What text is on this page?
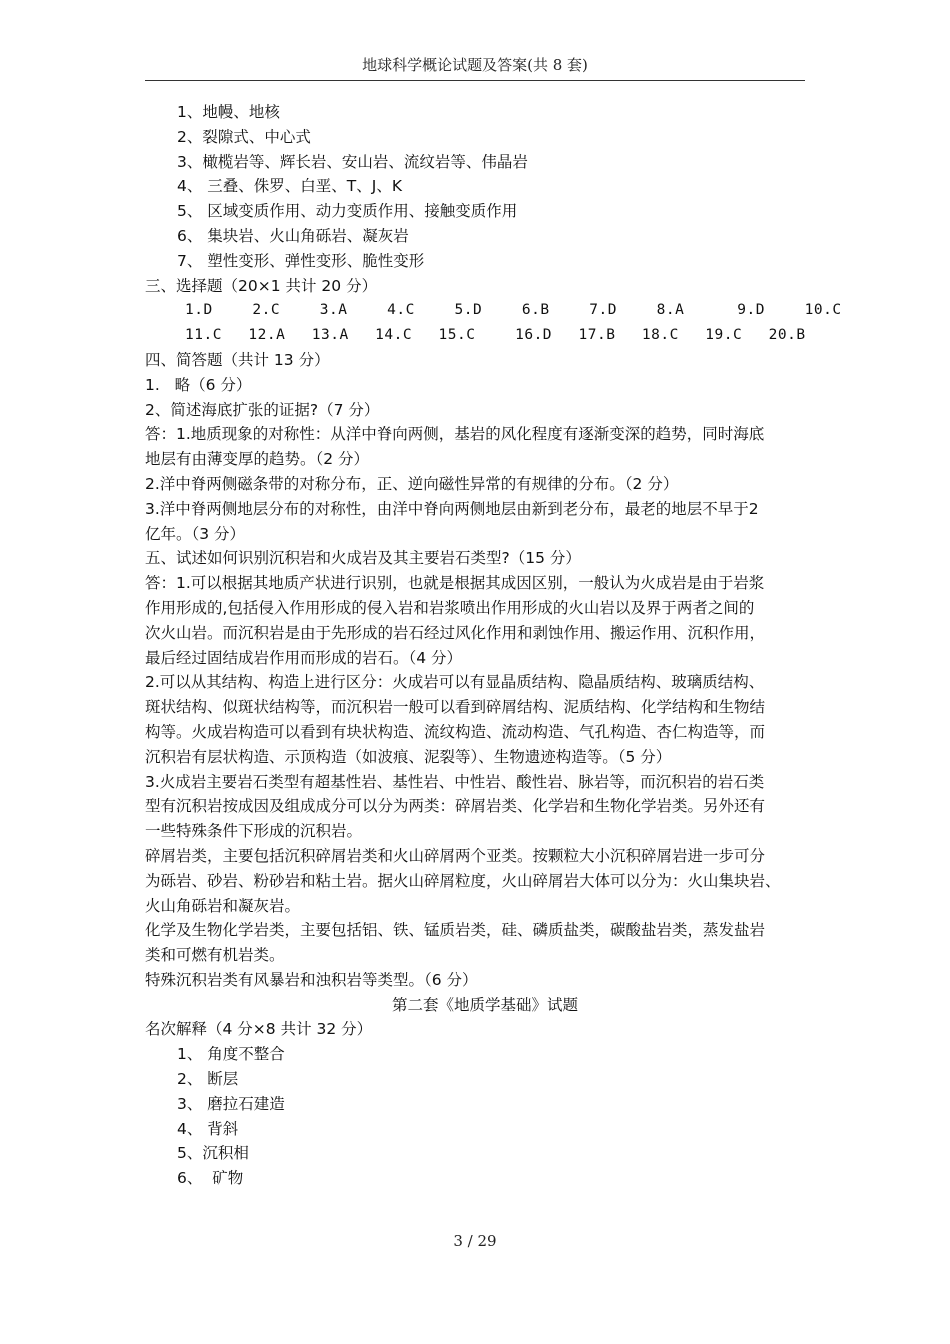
地球科学概论试题及答案(共 8 套)
1、地幔、地核
2、裂隙式、中心式
3、橄榄岩等、辉长岩、安山岩、流纹岩等、伟晶岩
4、 三叠、侏罗、白垩、T、J、K
5、 区域变质作用、动力变质作用、接触变质作用
6、 集块岩、火山角砾岩、凝灰岩
7、 塑性变形、弹性变形、脆性变形
三、选择题（20×1 共计 20 分）
1.D   2.C   3.A   4.C   5.D   6.B   7.D   8.A    9.D   10.C
11.C  12.A  13.A  14.C  15.C   16.D  17.B  18.C  19.C  20.B
四、简答题（共计 13 分）
1.   略（6 分）
2、简述海底扩张的证据?（7 分）
答：1.地质现象的对称性：从洋中脊向两侧，基岩的风化程度有逐渐变深的趋势，同时海底
地层有由薄变厚的趋势。（2 分）
2.洋中脊两侧磁条带的对称分布，正、逆向磁性异常的有规律的分布。（2 分）
3.洋中脊两侧地层分布的对称性，由洋中脊向两侧地层由新到老分布，最老的地层不早于2
亿年。（3 分）
五、试述如何识别沉积岩和火成岩及其主要岩石类型?（15 分）
答：1.可以根据其地质产状进行识别，也就是根据其成因区别，一般认为火成岩是由于岩浆
作用形成的,包括侵入作用形成的侵入岩和岩浆喷出作用形成的火山岩以及界于两者之间的
次火山岩。而沉积岩是由于先形成的岩石经过风化作用和剥蚀作用、搬运作用、沉积作用，
最后经过固结成岩作用而形成的岩石。（4 分）
2.可以从其结构、构造上进行区分：火成岩可以有显晶质结构、隐晶质结构、玻璃质结构、
斑状结构、似斑状结构等，而沉积岩一般可以看到碎屑结构、泥质结构、化学结构和生物结
构等。火成岩构造可以看到有块状构造、流纹构造、流动构造、气孔构造、杏仁构造等，而
沉积岩有层状构造、示顶构造（如波痕、泥裂等）、生物遗迹构造等。（5 分）
3.火成岩主要岩石类型有超基性岩、基性岩、中性岩、酸性岩、脉岩等，而沉积岩的岩石类
型有沉积岩按成因及组成成分可以分为两类：碎屑岩类、化学岩和生物化学岩类。另外还有
一些特殊条件下形成的沉积岩。
碎屑岩类，主要包括沉积碎屑岩类和火山碎屑两个亚类。按颗粒大小沉积碎屑岩进一步可分
为砾岩、砂岩、粉砂岩和粘土岩。据火山碎屑粒度，火山碎屑岩大体可以分为：火山集块岩、
火山角砾岩和凝灰岩。
化学及生物化学岩类，主要包括铝、铁、锰质岩类，硅、磷质盐类，碳酸盐岩类，蒸发盐岩
类和可燃有机岩类。
特殊沉积岩类有风暴岩和浊积岩等类型。（6 分）
第二套《地质学基础》试题
名次解释（4 分×8 共计 32 分）
1、 角度不整合
2、 断层
3、 磨拉石建造
4、 背斜
5、沉积相
6、  矿物
3 / 29
